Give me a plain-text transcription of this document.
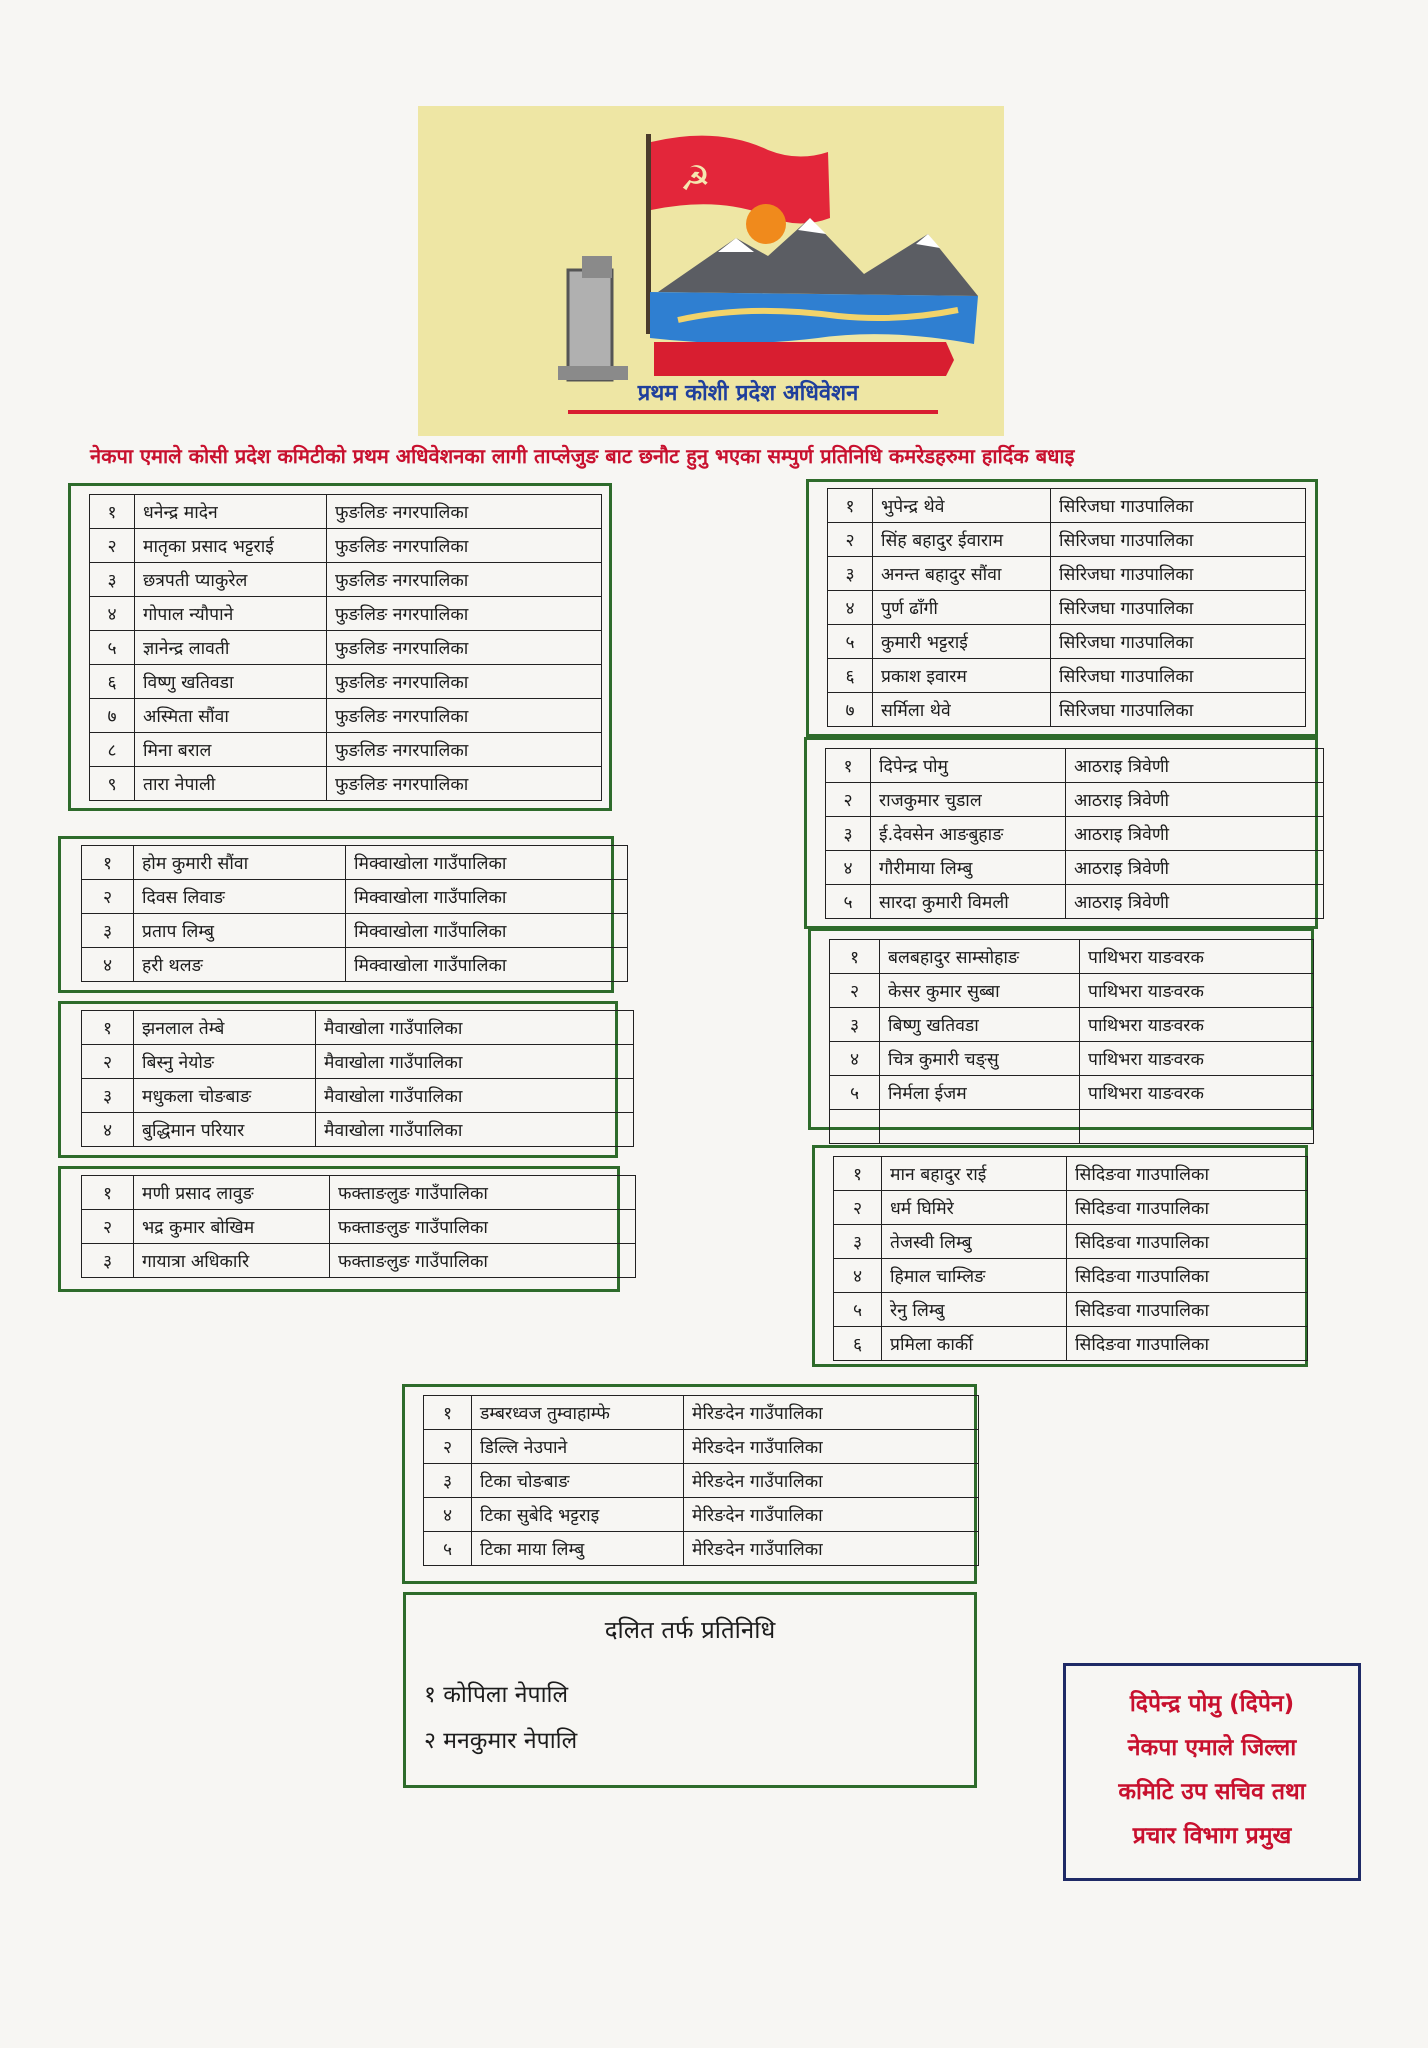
☭
प्रथम कोशी प्रदेश अधिवेशन
नेकपा एमाले कोसी प्रदेश कमिटीको प्रथम अधिवेशनका लागी ताप्लेजुङ बाट छनौट हुनु भएका सम्पुर्ण प्रतिनिधि कमरेडहरुमा हार्दिक बधाइ
१	धनेन्द्र मादेन	फुङलिङ नगरपालिका
२	मातृका प्रसाद भट्टराई	फुङलिङ नगरपालिका
३	छत्रपती प्याकुरेल	फुङलिङ नगरपालिका
४	गोपाल न्यौपाने	फुङलिङ नगरपालिका
५	ज्ञानेन्द्र लावती	फुङलिङ नगरपालिका
६	विष्णु खतिवडा	फुङलिङ नगरपालिका
७	अस्मिता सौंवा	फुङलिङ नगरपालिका
८	मिना बराल	फुङलिङ नगरपालिका
९	तारा नेपाली	फुङलिङ नगरपालिका
१	होम कुमारी सौंवा	मिक्वाखोला गाउँपालिका
२	दिवस लिवाङ	मिक्वाखोला गाउँपालिका
३	प्रताप लिम्बु	मिक्वाखोला गाउँपालिका
४	हरी थलङ	मिक्वाखोला गाउँपालिका
१	झनलाल तेम्बे	मैवाखोला गाउँपालिका
२	बिस्नु नेयोङ	मैवाखोला गाउँपालिका
३	मधुकला चोङबाङ	मैवाखोला गाउँपालिका
४	बुद्धिमान परियार	मैवाखोला गाउँपालिका
१	मणी प्रसाद लावुङ	फक्ताङलुङ गाउँपालिका
२	भद्र कुमार बोखिम	फक्ताङलुङ गाउँपालिका
३	गायात्रा अधिकारि	फक्ताङलुङ गाउँपालिका
१	भुपेन्द्र थेवे	सिरिजघा गाउपालिका
२	सिंह बहादुर ईवाराम	सिरिजघा गाउपालिका
३	अनन्त बहादुर सौंवा	सिरिजघा गाउपालिका
४	पुर्ण ढाँगी	सिरिजघा गाउपालिका
५	कुमारी भट्टराई	सिरिजघा गाउपालिका
६	प्रकाश इवारम	सिरिजघा गाउपालिका
७	सर्मिला थेवे	सिरिजघा गाउपालिका
१	दिपेन्द्र पोमु	आठराइ त्रिवेणी
२	राजकुमार चुडाल	आठराइ त्रिवेणी
३	ई.देवसेन आङबुहाङ	आठराइ त्रिवेणी
४	गौरीमाया लिम्बु	आठराइ त्रिवेणी
५	सारदा कुमारी विमली	आठराइ त्रिवेणी
१	बलबहादुर साम्सोहाङ	पाथिभरा याङवरक
२	केसर कुमार सुब्बा	पाथिभरा याङवरक
३	बिष्णु खतिवडा	पाथिभरा याङवरक
४	चित्र कुमारी चङ्सु	पाथिभरा याङवरक
५	निर्मला ईजम	पाथिभरा याङवरक

१	मान बहादुर राई	सिदिङवा गाउपालिका
२	धर्म घिमिरे	सिदिङवा गाउपालिका
३	तेजस्वी लिम्बु	सिदिङवा गाउपालिका
४	हिमाल चाम्लिङ	सिदिङवा गाउपालिका
५	रेनु लिम्बु	सिदिङवा गाउपालिका
६	प्रमिला कार्की	सिदिङवा गाउपालिका
१	डम्बरध्वज तुम्वाहाम्फे	मेरिङदेन गाउँपालिका
२	डिल्लि नेउपाने	मेरिङदेन गाउँपालिका
३	टिका चोङबाङ	मेरिङदेन गाउँपालिका
४	टिका सुबेदि भट्टराइ	मेरिङदेन गाउँपालिका
५	टिका माया लिम्बु	मेरिङदेन गाउँपालिका
दलित तर्फ प्रतिनिधि
१ कोपिला नेपालि
२ मनकुमार नेपालि
दिपेन्द्र पोमु (दिपेन)
नेकपा एमाले जिल्ला
कमिटि उप सचिव तथा
प्रचार विभाग प्रमुख
